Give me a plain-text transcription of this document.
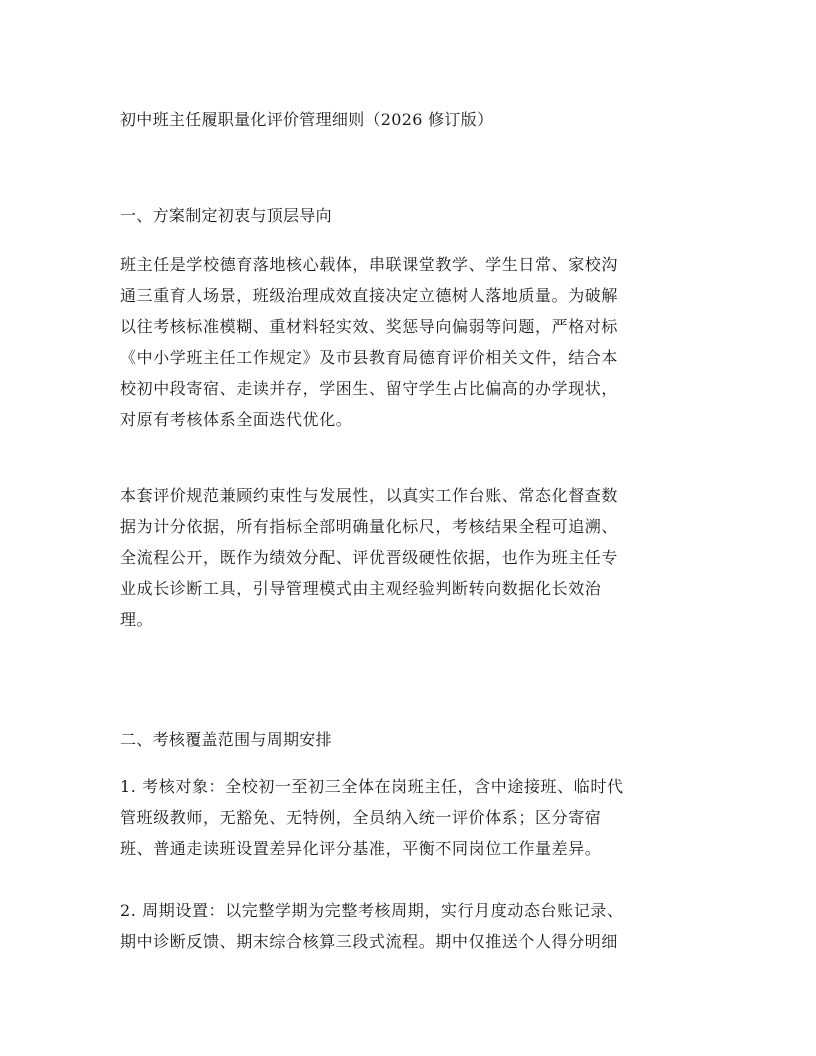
初中班主任履职量化评价管理细则（2026 修订版）
一、方案制定初衷与顶层导向
班主任是学校德育落地核心载体，串联课堂教学、学生日常、家校沟
通三重育人场景，班级治理成效直接决定立德树人落地质量。为破解
以往考核标准模糊、重材料轻实效、奖惩导向偏弱等问题，严格对标
《中小学班主任工作规定》及市县教育局德育评价相关文件，结合本
校初中段寄宿、走读并存，学困生、留守学生占比偏高的办学现状，
对原有考核体系全面迭代优化。
本套评价规范兼顾约束性与发展性，以真实工作台账、常态化督查数
据为计分依据，所有指标全部明确量化标尺，考核结果全程可追溯、
全流程公开，既作为绩效分配、评优晋级硬性依据，也作为班主任专
业成长诊断工具，引导管理模式由主观经验判断转向数据化长效治
理。
二、考核覆盖范围与周期安排
1. 考核对象：全校初一至初三全体在岗班主任，含中途接班、临时代
管班级教师，无豁免、无特例，全员纳入统一评价体系；区分寄宿
班、普通走读班设置差异化评分基准，平衡不同岗位工作量差异。
2. 周期设置：以完整学期为完整考核周期，实行月度动态台账记录、
期中诊断反馈、期末综合核算三段式流程。期中仅推送个人得分明细
